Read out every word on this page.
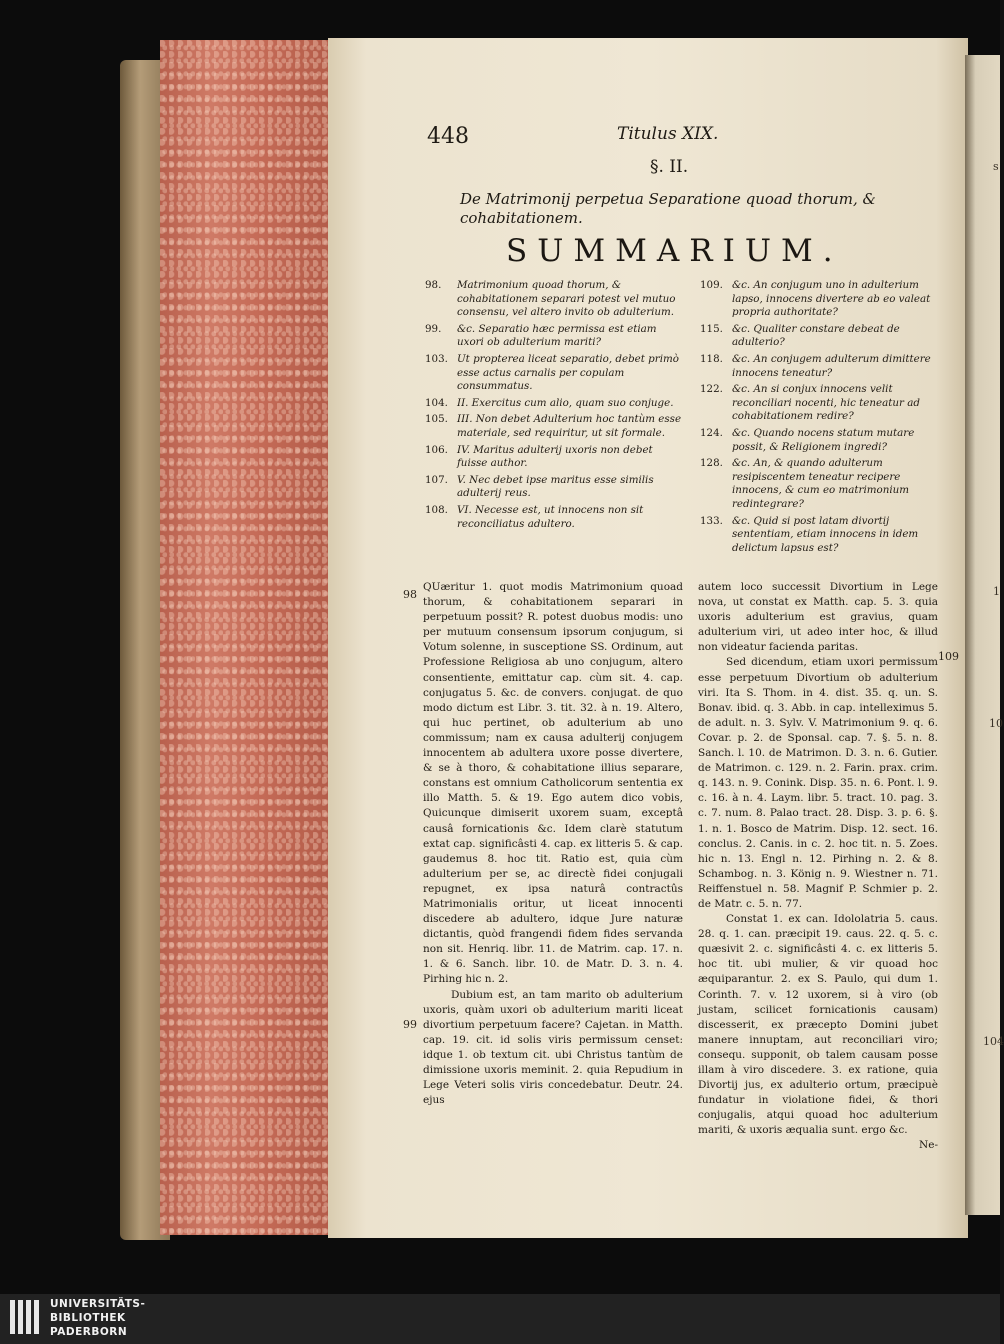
s
1
10
104
448	Titulus XIX.
§. II.
De Matrimonij perpetua Separatione quoad thorum, & cohabitationem.
SUMMARIUM.
98. Matrimonium quoad thorum, & cohabitationem separari potest vel mutuo consensu, vel altero invito ob adulterium.
99. &c. Separatio hæc permissa est etiam uxori ob adulterium mariti?
103. Ut propterea liceat separatio, debet primò esse actus carnalis per copulam consummatus.
104. II. Exercitus cum alio, quam suo conjuge.
105. III. Non debet Adulterium hoc tantùm esse materiale, sed requiritur, ut sit formale.
106. IV. Maritus adulterij uxoris non debet fuisse author.
107. V. Nec debet ipse maritus esse similis adulterij reus.
108. VI. Necesse est, ut innocens non sit reconciliatus adultero.
109. &c. An conjugum uno in adulterium lapso, innocens divertere ab eo valeat propria authoritate?
115. &c. Qualiter constare debeat de adulterio?
118. &c. An conjugem adulterum dimittere innocens teneatur?
122. &c. An si conjux innocens velit reconciliari nocenti, hic teneatur ad cohabitationem redire?
124. &c. Quando nocens statum mutare possit, & Religionem ingredi?
128. &c. An, & quando adulterum resipiscentem teneatur recipere innocens, & cum eo matrimonium redintegrare?
133. &c. Quid si post latam divortij sententiam, etiam innocens in idem delictum lapsus est?
98
99
109

QUæritur 1. quot modis Matrimonium quoad thorum, & cohabitationem separari in perpetuum possit? R. potest duobus modis: uno per mutuum consensum ipsorum conjugum, si Votum solenne, in susceptione SS. Ordinum, aut Professione Religiosa ab uno conjugum, altero consentiente, emittatur cap. cùm sit. 4. cap. conjugatus 5. &c. de convers. conjugat. de quo modo dictum est Libr. 3. tit. 32. à n. 19. Altero, qui huc pertinet, ob adulterium ab uno commissum; nam ex causa adulterij conjugem innocentem ab adultera uxore posse divertere, & se à thoro, & cohabitatione illius separare, constans est omnium Catholicorum sententia ex illo Matth. 5. & 19. Ego autem dico vobis, Quicunque dimiserit uxorem suam, exceptâ causâ fornicationis &c. Idem clarè statutum extat cap. significâsti 4. cap. ex litteris 5. & cap. gaudemus 8. hoc tit. Ratio est, quia cùm adulterium per se, ac directè fidei conjugali repugnet, ex ipsa naturâ contractûs Matrimonialis oritur, ut liceat innocenti discedere ab adultero, idque Jure naturæ dictantis, quòd frangendi fidem fides servanda non sit. Henriq. libr. 11. de Matrim. cap. 17. n. 1. & 6. Sanch. libr. 10. de Matr. D. 3. n. 4. Pirhing hic n. 2.

Dubium est, an tam marito ob adulterium uxoris, quàm uxori ob adulterium mariti liceat divortium perpetuum facere? Cajetan. in Matth. cap. 19. cit. id solis viris permissum censet: idque 1. ob textum cit. ubi Christus tantùm de dimissione uxoris meminit. 2. quia Repudium in Lege Veteri solis viris concedebatur. Deutr. 24. ejus

autem loco successit Divortium in Lege nova, ut constat ex Matth. cap. 5. 3. quia uxoris adulterium est gravius, quam adulterium viri, ut adeo inter hoc, & illud non videatur facienda paritas.

Sed dicendum, etiam uxori permissum esse perpetuum Divortium ob adulterium viri. Ita S. Thom. in 4. dist. 35. q. un. S. Bonav. ibid. q. 3. Abb. in cap. intelleximus 5. de adult. n. 3. Sylv. V. Matrimonium 9. q. 6. Covar. p. 2. de Sponsal. cap. 7. §. 5. n. 8. Sanch. l. 10. de Matrimon. D. 3. n. 6. Gutier. de Matrimon. c. 129. n. 2. Farin. prax. crim. q. 143. n. 9. Conink. Disp. 35. n. 6. Pont. l. 9. c. 16. à n. 4. Laym. libr. 5. tract. 10. pag. 3. c. 7. num. 8. Palao tract. 28. Disp. 3. p. 6. §. 1. n. 1. Bosco de Matrim. Disp. 12. sect. 16. conclus. 2. Canis. in c. 2. hoc tit. n. 5. Zoes. hic n. 13. Engl n. 12. Pirhing n. 2. & 8. Schambog. n. 3. König n. 9. Wiestner n. 71. Reiffenstuel n. 58. Magnif P. Schmier p. 2. de Matr. c. 5. n. 77.

Constat 1. ex can. Idololatria 5. caus. 28. q. 1. can. præcipit 19. caus. 22. q. 5. c. quæsivit 2. c. significâsti 4. c. ex litteris 5. hoc tit. ubi mulier, & vir quoad hoc æquiparantur. 2. ex S. Paulo, qui dum 1. Corinth. 7. v. 12 uxorem, si à viro (ob justam, scilicet fornicationis causam) discesserit, ex præcepto Domini jubet manere innuptam, aut reconciliari viro; consequ. supponit, ob talem causam posse illam à viro discedere. 3. ex ratione, quia Divortij jus, ex adulterio ortum, præcipuè fundatur in violatione fidei, & thori conjugalis, atqui quoad hoc adulterium mariti, & uxoris æqualia sunt. ergo &c.

Ne-

UNIVERSITÄTS-
BIBLIOTHEK
PADERBORN
